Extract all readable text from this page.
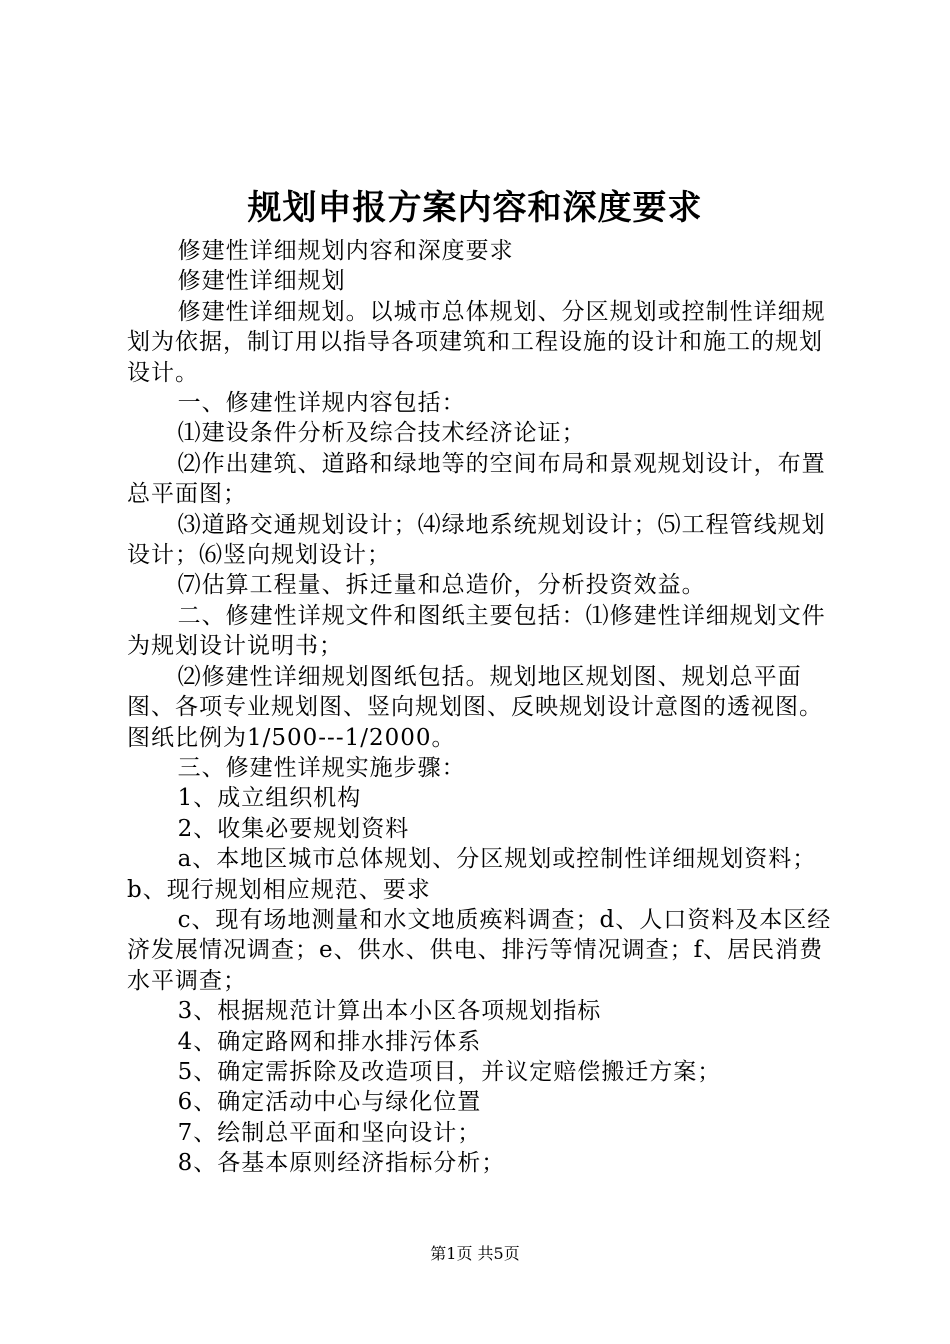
规划申报方案内容和深度要求

修建性详细规划内容和深度要求

修建性详细规划

修建性详细规划。以城市总体规划、分区规划或控制性详细规划为依据，制订用以指导各项建筑和工程设施的设计和施工的规划设计。

一、修建性详规内容包括：

⑴建设条件分析及综合技术经济论证；

⑵作出建筑、道路和绿地等的空间布局和景观规划设计，布置总平面图；

⑶道路交通规划设计；⑷绿地系统规划设计；⑸工程管线规划设计；⑹竖向规划设计；

⑺估算工程量、拆迁量和总造价，分析投资效益。

二、修建性详规文件和图纸主要包括：⑴修建性详细规划文件为规划设计说明书；

⑵修建性详细规划图纸包括。规划地区规划图、规划总平面图、各项专业规划图、竖向规划图、反映规划设计意图的透视图。图纸比例为1/500---1/2000。

三、修建性详规实施步骤：

1、成立组织机构

2、收集必要规划资料

a、本地区城市总体规划、分区规划或控制性详细规划资料；b、现行规划相应规范、要求

c、现有场地测量和水文地质痪料调查；d、人口资料及本区经济发展情况调查；e、供水、供电、排污等情况调查；f、居民消费水平调查；

3、根据规范计算出本小区各项规划指标

4、确定路网和排水排污体系

5、确定需拆除及改造项目，并议定赔偿搬迁方案；

6、确定活动中心与绿化位置

7、绘制总平面和坚向设计；

8、各基本原则经济指标分析；

第1页 共5页
